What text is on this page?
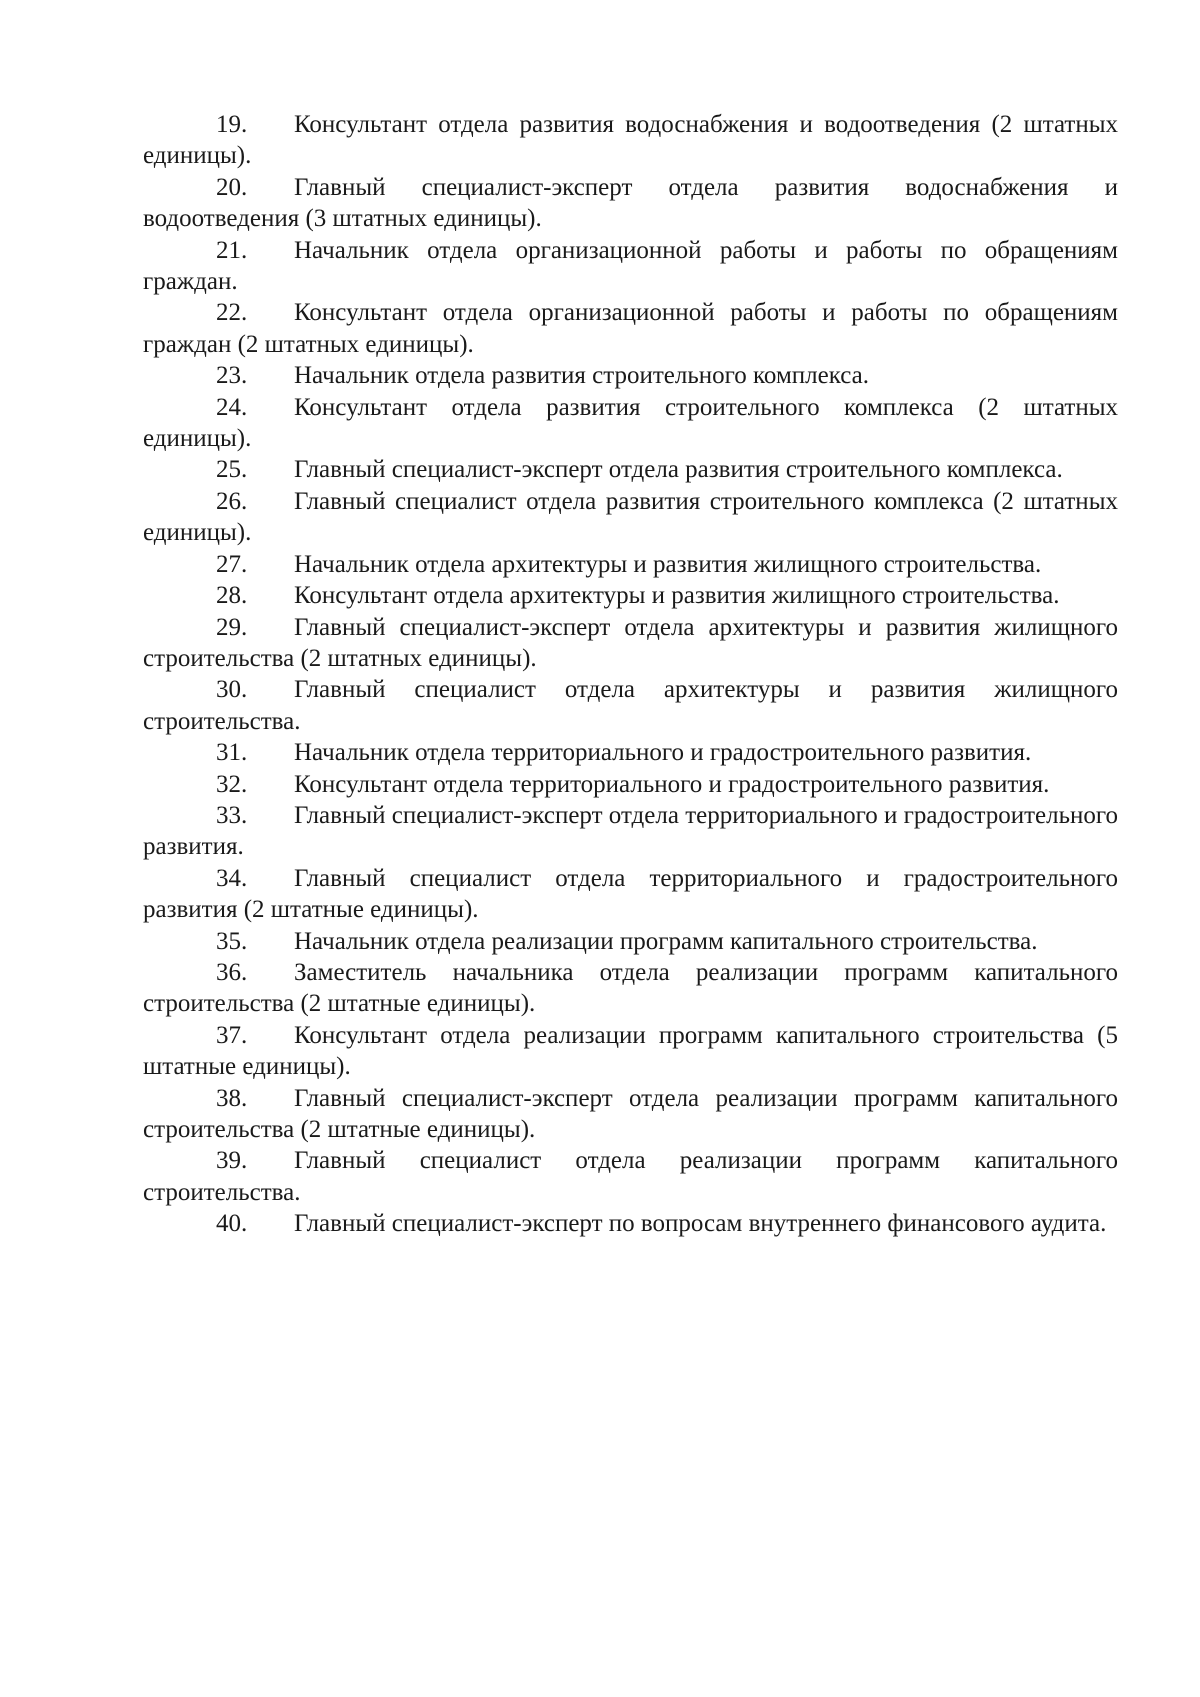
19. Консультант отдела развития водоснабжения и водоотведения (2 штатных единицы).

20. Главный специалист-эксперт отдела развития водоснабжения и водоотведения (3 штатных единицы).

21. Начальник отдела организационной работы и работы по обращениям граждан.

22. Консультант отдела организационной работы и работы по обращениям граждан (2 штатных единицы).

23. Начальник отдела развития строительного комплекса.

24. Консультант отдела развития строительного комплекса (2 штатных единицы).

25. Главный специалист-эксперт отдела развития строительного комплекса.

26. Главный специалист отдела развития строительного комплекса (2 штатных единицы).

27. Начальник отдела архитектуры и развития жилищного строительства.

28. Консультант отдела архитектуры и развития жилищного строительства.

29. Главный специалист-эксперт отдела архитектуры и развития жилищного строительства (2 штатных единицы).

30. Главный специалист отдела архитектуры и развития жилищного строительства.

31. Начальник отдела территориального и градостроительного развития.

32. Консультант отдела территориального и градостроительного развития.

33. Главный специалист-эксперт отдела территориального и градостроительного развития.

34. Главный специалист отдела территориального и градостроительного развития (2 штатные единицы).

35. Начальник отдела реализации программ капитального строительства.

36. Заместитель начальника отдела реализации программ капитального строительства (2 штатные единицы).

37. Консультант отдела реализации программ капитального строительства (5 штатные единицы).

38. Главный специалист-эксперт отдела реализации программ капитального строительства (2 штатные единицы).

39. Главный специалист отдела реализации программ капитального строительства.

40. Главный специалист-эксперт по вопросам внутреннего финансового аудита.
